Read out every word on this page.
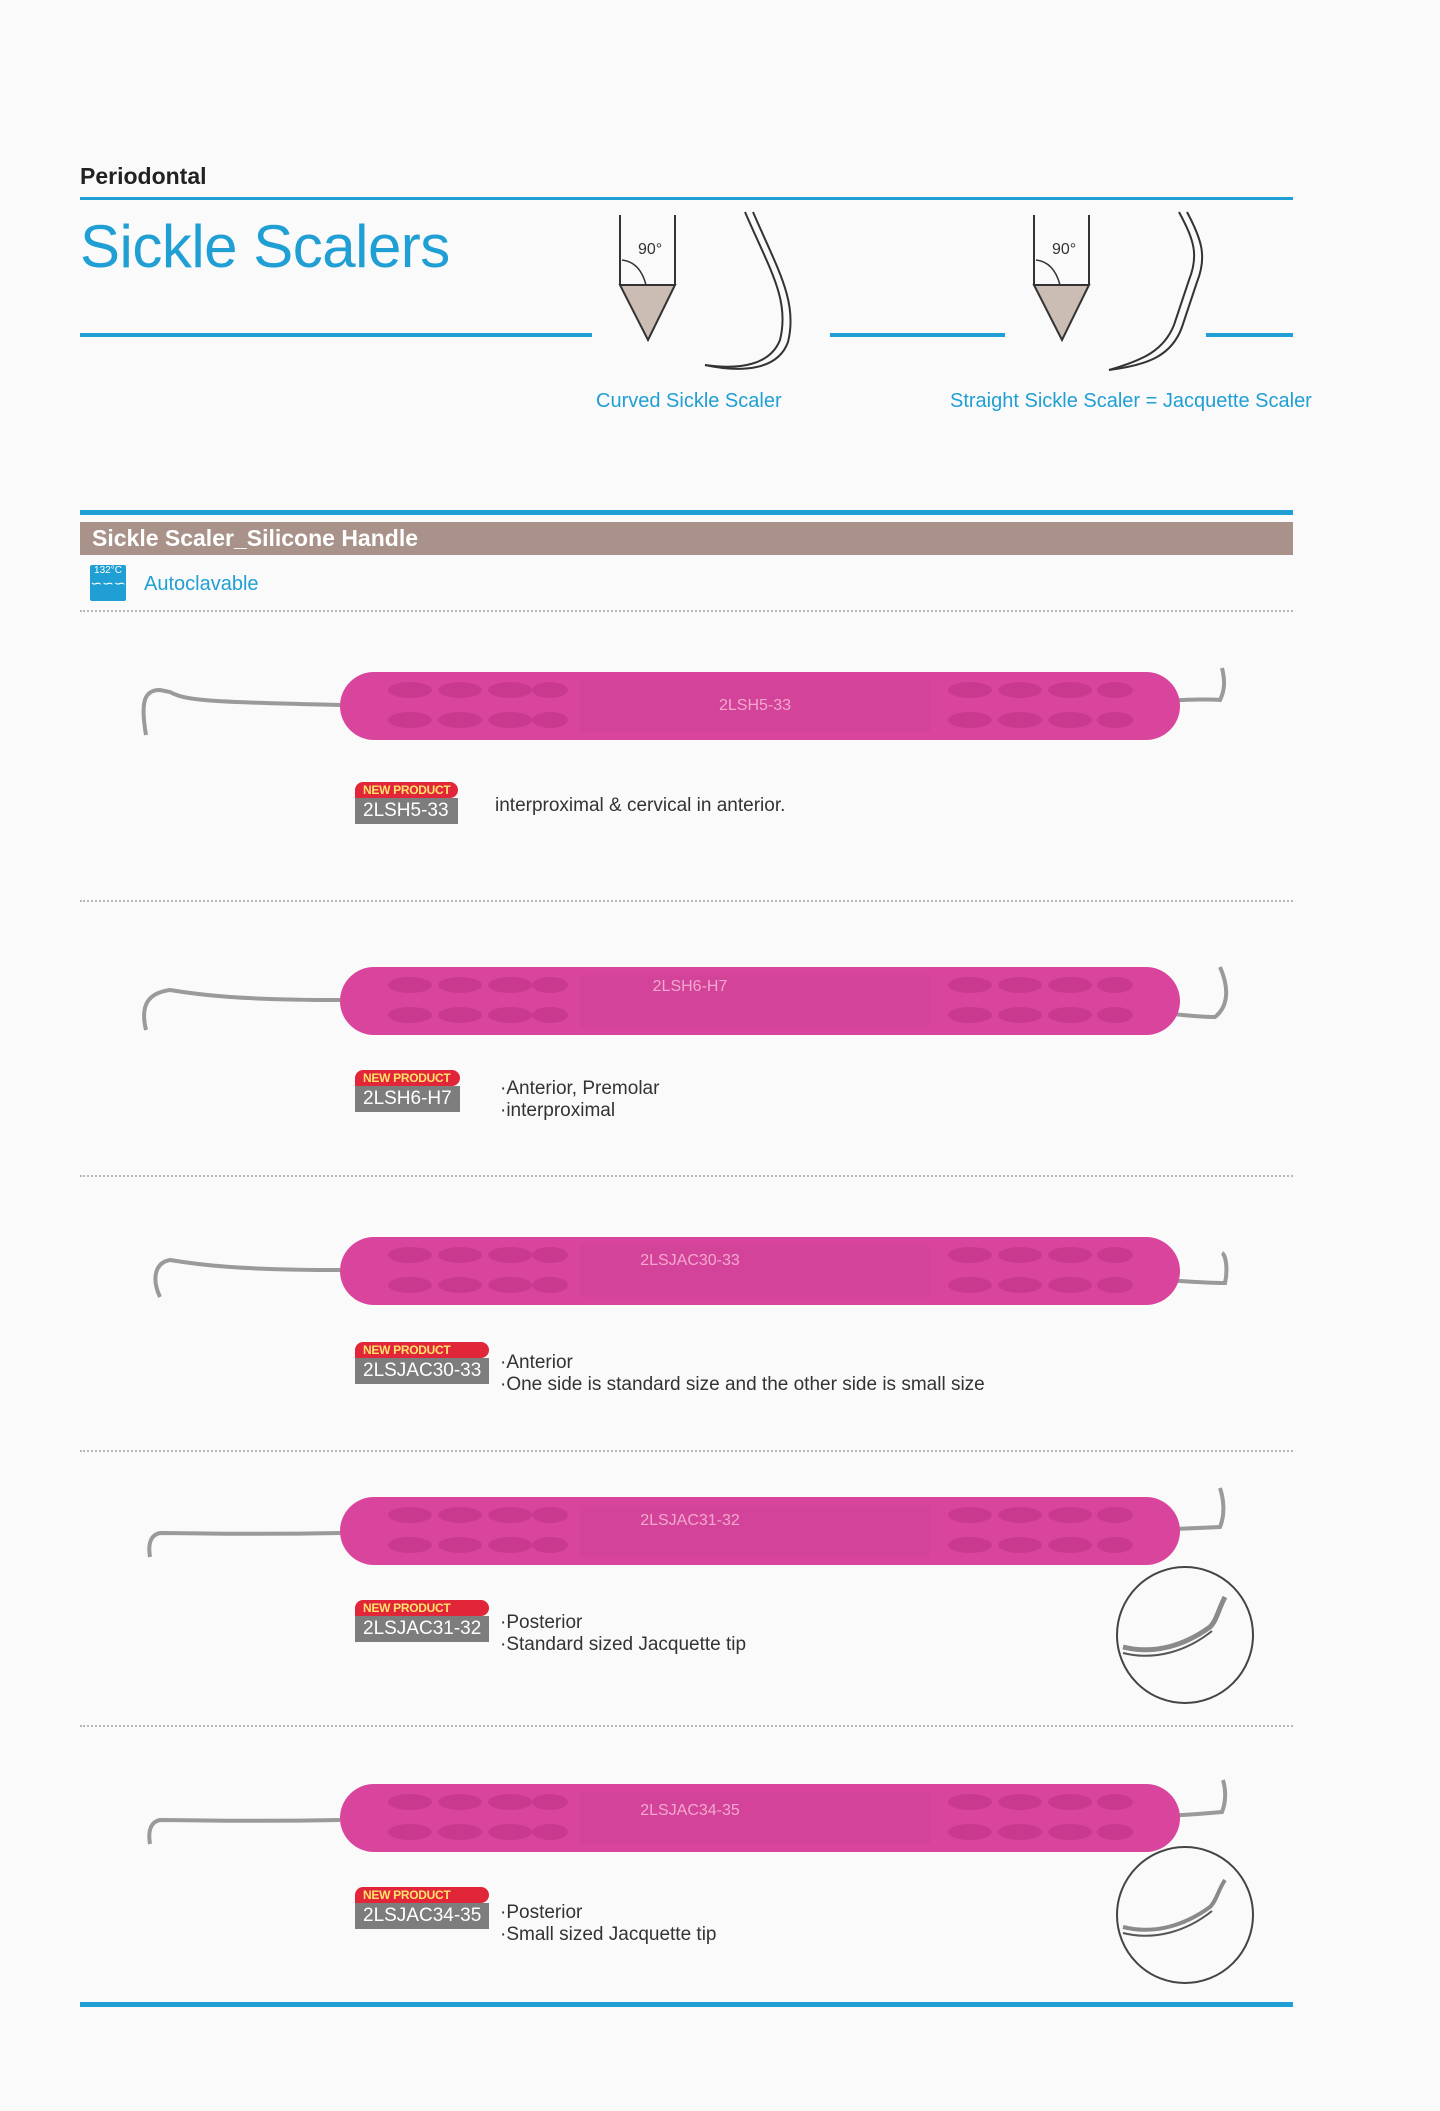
Periodontal
Sickle Scalers	90°
Curved Sickle Scaler
90°
Straight Sickle Scaler = Jacquette Scaler
Sickle Scaler_Silicone Handle
132°C
∽∽∽ Autoclavable
2LSH5-33
NEW PRODUCT
2LSH5-33	interproximal & cervical in anterior.
2LSH6-H7
NEW PRODUCT
2LSH6-H7	· Anterior, Premolar
· interproximal
2LSJAC30-33
NEW PRODUCT
2LSJAC30-33	· Anterior
· One side is standard size and the other side is small size
2LSJAC31-32
NEW PRODUCT
2LSJAC31-32	· Posterior
· Standard sized Jacquette tip
2LSJAC34-35
NEW PRODUCT
2LSJAC34-35	· Posterior
· Small sized Jacquette tip
